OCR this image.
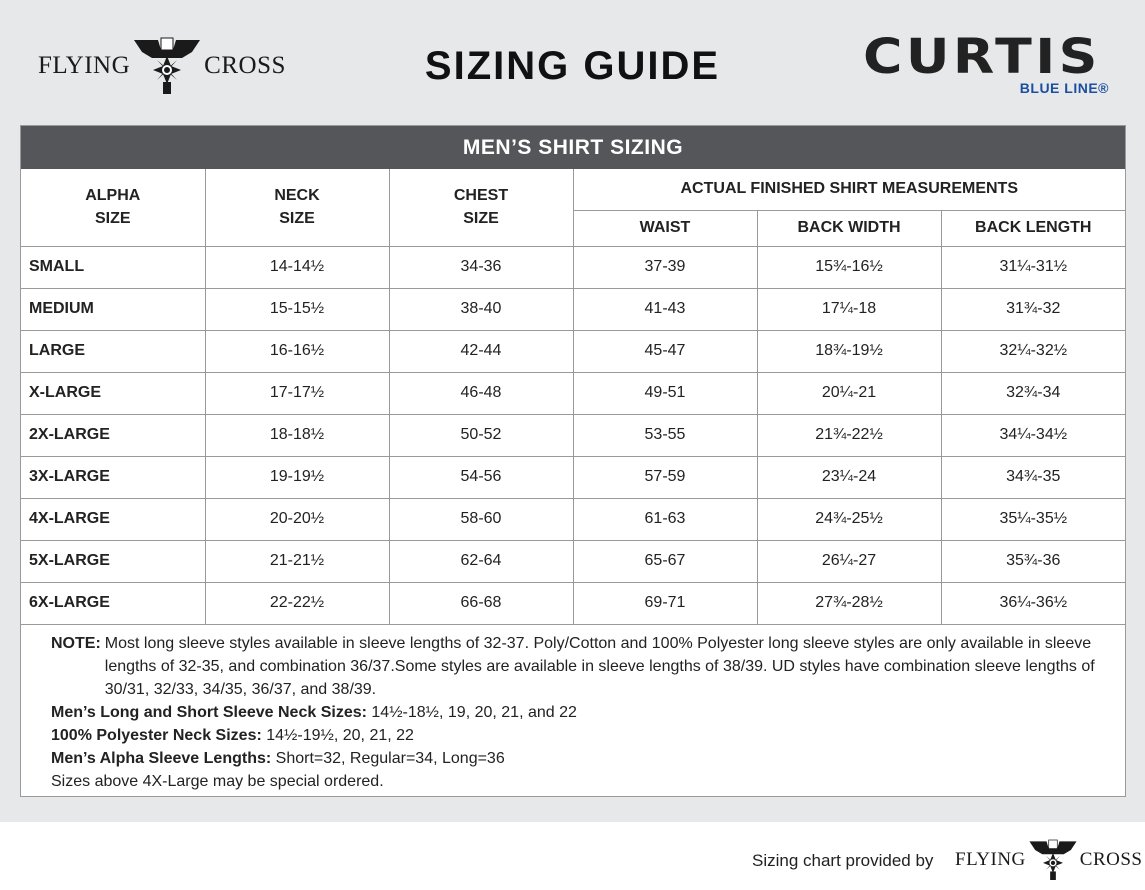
FLYING	CROSS	SIZING GUIDE	CURTIS
BLUE LINE®
MEN’S SHIRT SIZING
ALPHA SIZE	NECK SIZE	CHEST SIZE	ACTUAL FINISHED SHIRT MEASUREMENTS		
			WAIST	BACK WIDTH	BACK LENGTH
SMALL	14-14½	34-36	37-39	15¾-16½	31¼-31½
MEDIUM	15-15½	38-40	41-43	17¼-18	31¾-32
LARGE	16-16½	42-44	45-47	18¾-19½	32¼-32½
X-LARGE	17-17½	46-48	49-51	20¼-21	32¾-34
2X-LARGE	18-18½	50-52	53-55	21¾-22½	34¼-34½
3X-LARGE	19-19½	54-56	57-59	23¼-24	34¾-35
4X-LARGE	20-20½	58-60	61-63	24¾-25½	35¼-35½
5X-LARGE	21-21½	62-64	65-67	26¼-27	35¾-36
6X-LARGE	22-22½	66-68	69-71	27¾-28½	36¼-36½
NOTE: Most long sleeve styles available in sleeve lengths of 32-37. Poly/Cotton and 100% Polyester long sleeve styles are only available in sleeve lengths of 32-35, and combination 36/37.Some styles are available in sleeve lengths of 38/39. UD styles have combination sleeve lengths of 30/31, 32/33, 34/35, 36/37, and 38/39.
Men’s Long and Short Sleeve Neck Sizes: 14½-18½, 19, 20, 21, and 22
100% Polyester Neck Sizes: 14½-19½, 20, 21, 22
Men’s Alpha Sleeve Lengths: Short=32, Regular=34, Long=36
Sizes above 4X-Large may be special ordered.
Sizing chart provided by FLYING	CROSS
